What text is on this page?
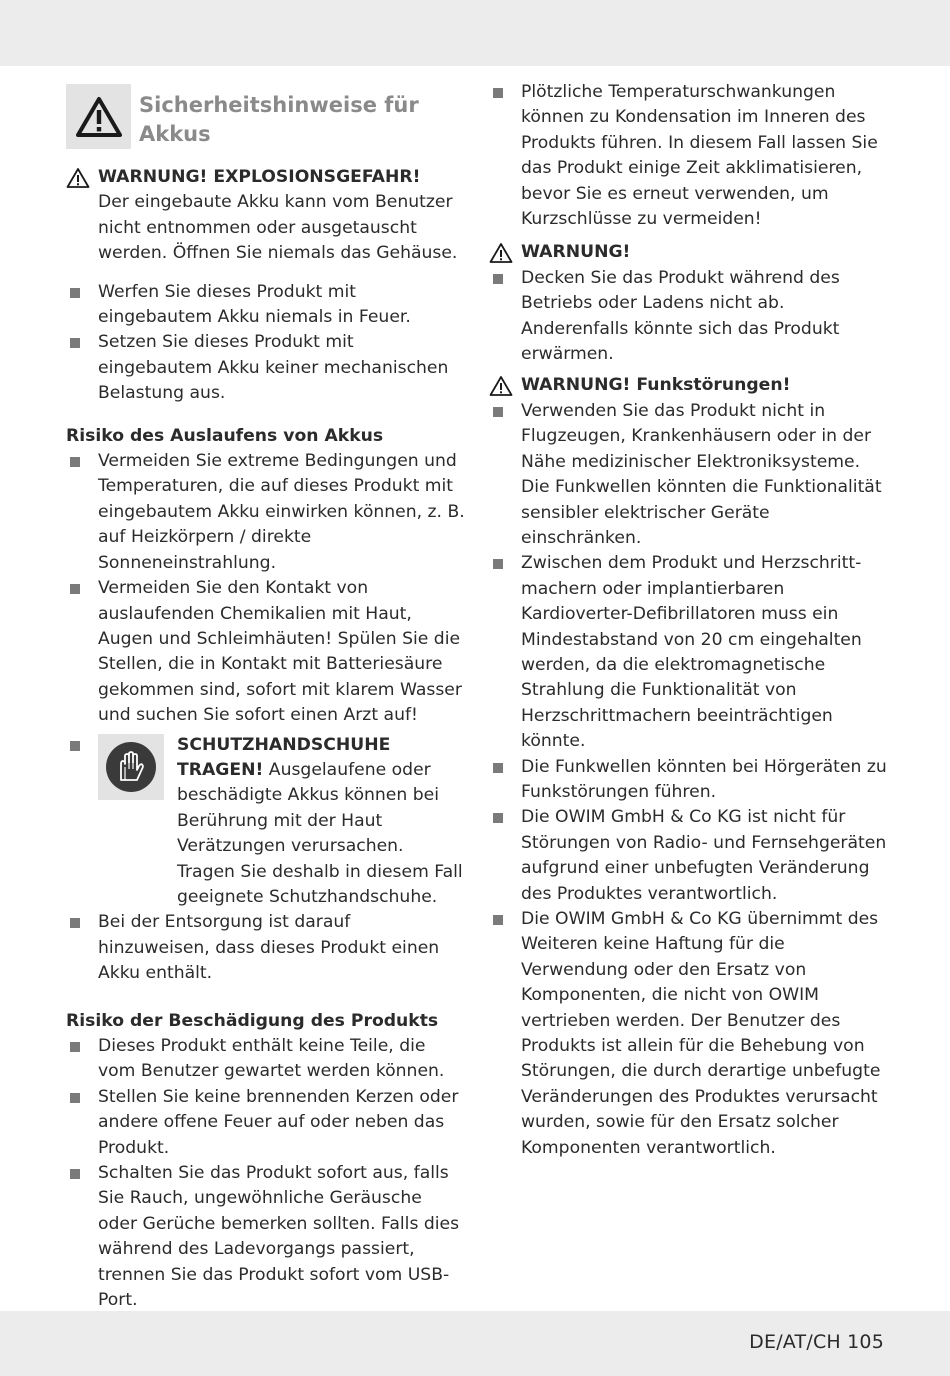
Sicherheitshinweise für Akkus
WARNUNG! EXPLOSIONSGEFAHR!

Der eingebaute Akku kann vom Benutzer nicht entnommen oder ausgetauscht werden. Öffnen Sie niemals das Gehäuse.

Werfen Sie dieses Produkt mit eingebautem Akku niemals in Feuer.
Setzen Sie dieses Produkt mit eingebautem Akku keiner mechanischen Belastung aus.
Risiko des Auslaufens von Akkus
Vermeiden Sie extreme Bedingungen und Temperaturen, die auf dieses Produkt mit eingebautem Akku einwirken können, z. B. auf Heizkörpern / direkte Sonneneinstrahlung.
Vermeiden Sie den Kontakt von auslaufenden Chemikalien mit Haut, Augen und Schleimhäuten! Spülen Sie die Stellen, die in Kontakt mit Batteriesäure gekommen sind, sofort mit klarem Wasser und suchen Sie sofort einen Arzt auf!
SCHUTZHANDSCHUHE TRAGEN! Ausgelaufene oder beschädigte Akkus können bei Berührung mit der Haut Verätzungen verursachen. Tragen Sie deshalb in diesem Fall geeignete Schutzhandschuhe.
Bei der Entsorgung ist darauf hinzuweisen, dass dieses Produkt einen Akku enthält.
Risiko der Beschädigung des Produkts
Dieses Produkt enthält keine Teile, die vom Benutzer gewartet werden können.
Stellen Sie keine brennenden Kerzen oder andere offene Feuer auf oder neben das Produkt.
Schalten Sie das Produkt sofort aus, falls Sie Rauch, ungewöhnliche Geräusche oder Gerüche bemerken sollten. Falls dies während des Ladevorgangs passiert, trennen Sie das Produkt sofort vom USB-Port.
Plötzliche Temperaturschwankungen können zu Kondensation im Inneren des Produkts führen. In diesem Fall lassen Sie das Produkt einige Zeit akklimatisieren, bevor Sie es erneut verwenden, um Kurzschlüsse zu vermeiden!
WARNUNG!
Decken Sie das Produkt während des Betriebs oder Ladens nicht ab. Anderenfalls könnte sich das Produkt erwärmen.
WARNUNG! Funkstörungen!
Verwenden Sie das Produkt nicht in Flugzeugen, Krankenhäusern oder in der Nähe medizinischer Elektroniksysteme. Die Funkwellen könnten die Funktionalität sensibler elektrischer Geräte einschränken.
Zwischen dem Produkt und Herzschrittmachern oder implantierbaren Kardioverter-Defibrillatoren muss ein Mindestabstand von 20 cm eingehalten werden, da die elektromagnetische Strahlung die Funktionalität von Herzschrittmachern beeinträchtigen könnte.
Die Funkwellen könnten bei Hörgeräten zu Funkstörungen führen.
Die OWIM GmbH & Co KG ist nicht für Störungen von Radio- und Fernsehgeräten aufgrund einer unbefugten Veränderung des Produktes verantwortlich.
Die OWIM GmbH & Co KG übernimmt des Weiteren keine Haftung für die Verwendung oder den Ersatz von Komponenten, die nicht von OWIM vertrieben werden. Der Benutzer des Produkts ist allein für die Behebung von Störungen, die durch derartige unbefugte Veränderungen des Produktes verursacht wurden, sowie für den Ersatz solcher Komponenten verantwortlich.
DE/AT/CH 105
